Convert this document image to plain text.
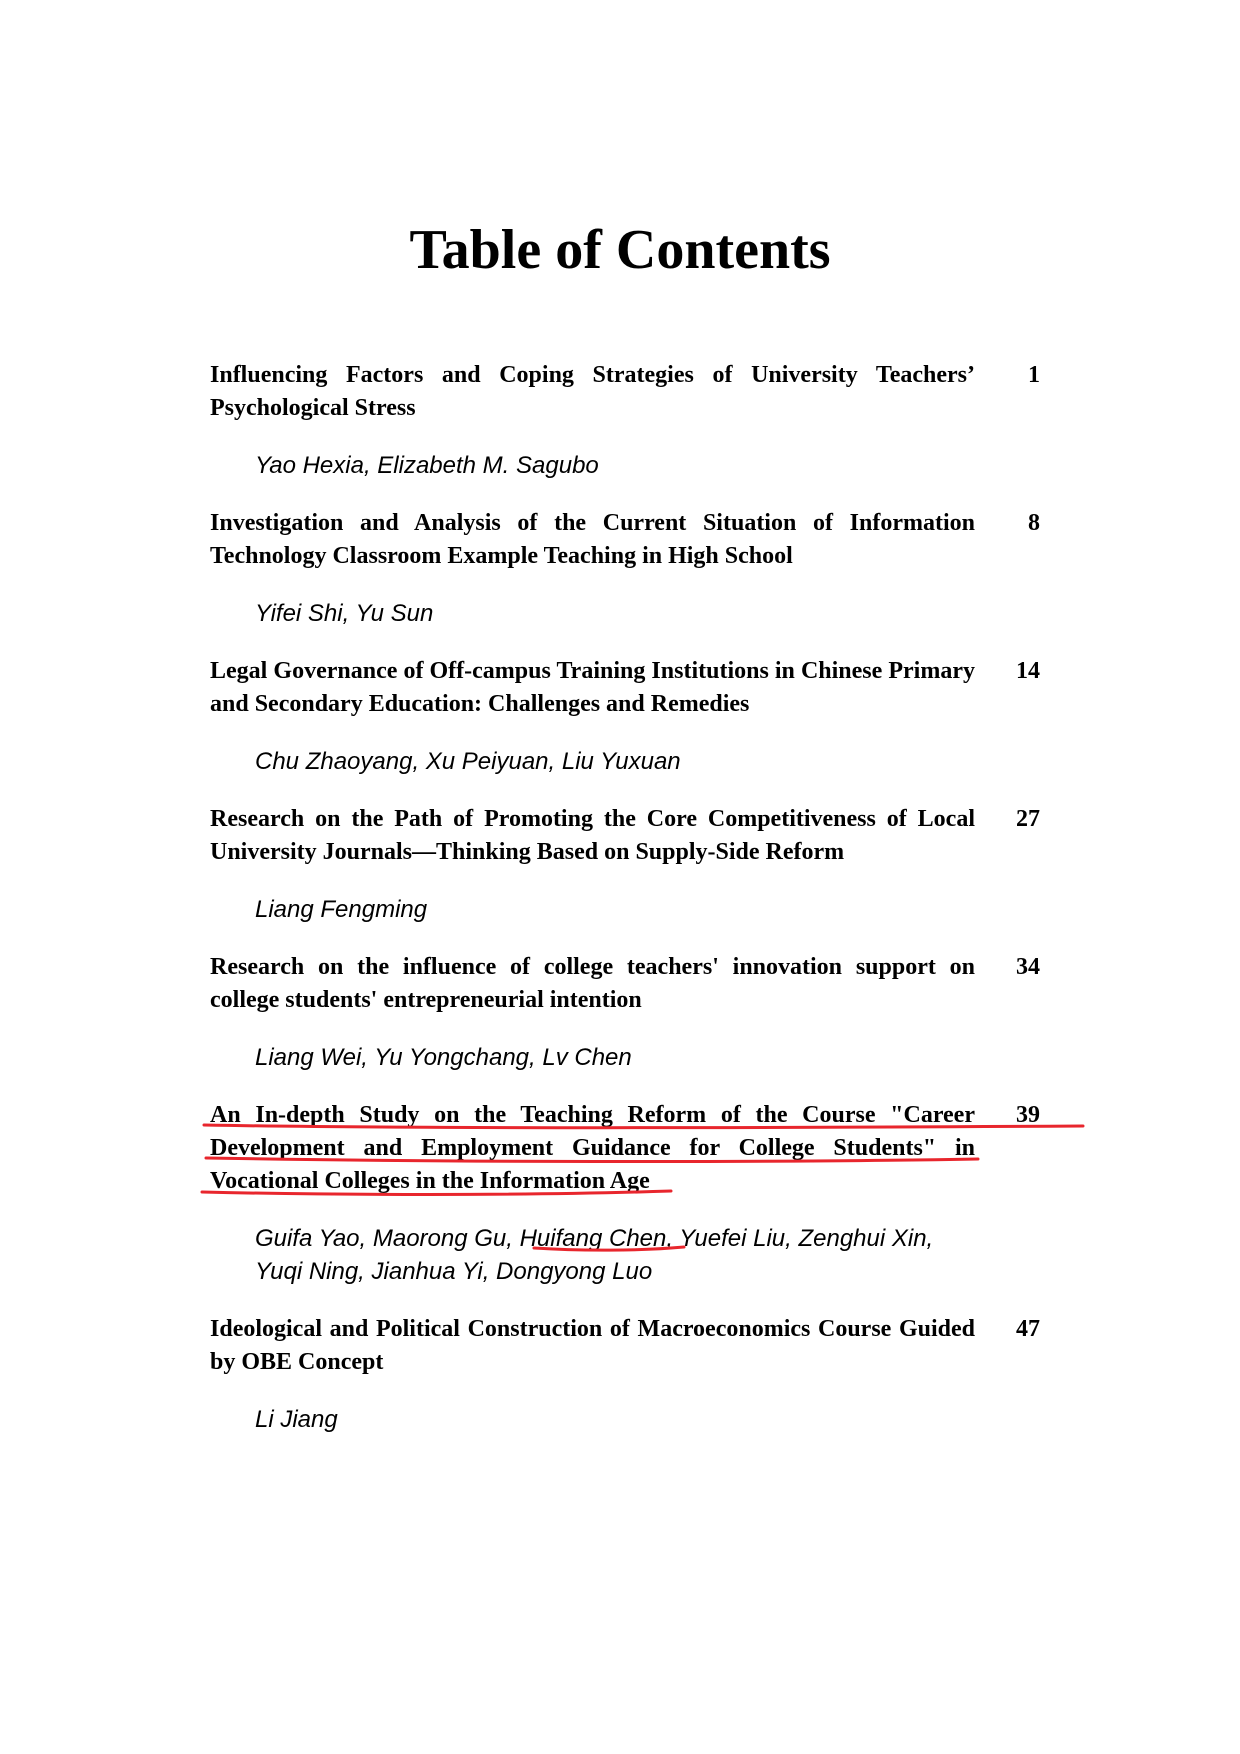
Table of Contents
Influencing Factors and Coping Strategies of University Teachers’ Psychological Stress
1
Yao Hexia, Elizabeth M. Sagubo
Investigation and Analysis of the Current Situation of Information Technology Classroom Example Teaching in High School
8
Yifei Shi, Yu Sun
Legal Governance of Off-campus Training Institutions in Chinese Primary and Secondary Education: Challenges and Remedies
14
Chu Zhaoyang, Xu Peiyuan, Liu Yuxuan
Research on the Path of Promoting the Core Competitiveness of Local University Journals—Thinking Based on Supply-Side Reform
27
Liang Fengming
Research on the influence of college teachers' innovation support on college students' entrepreneurial intention
34
Liang Wei, Yu Yongchang, Lv Chen
An In-depth Study on the Teaching Reform of the Course "Career Development and Employment Guidance for College Students" in Vocational Colleges in the Information Age
39
Guifa Yao, Maorong Gu, Huifang Chen, Yuefei Liu, Zenghui Xin, Yuqi Ning, Jianhua Yi, Dongyong Luo
Ideological and Political Construction of Macroeconomics Course Guided by OBE Concept
47
Li Jiang
